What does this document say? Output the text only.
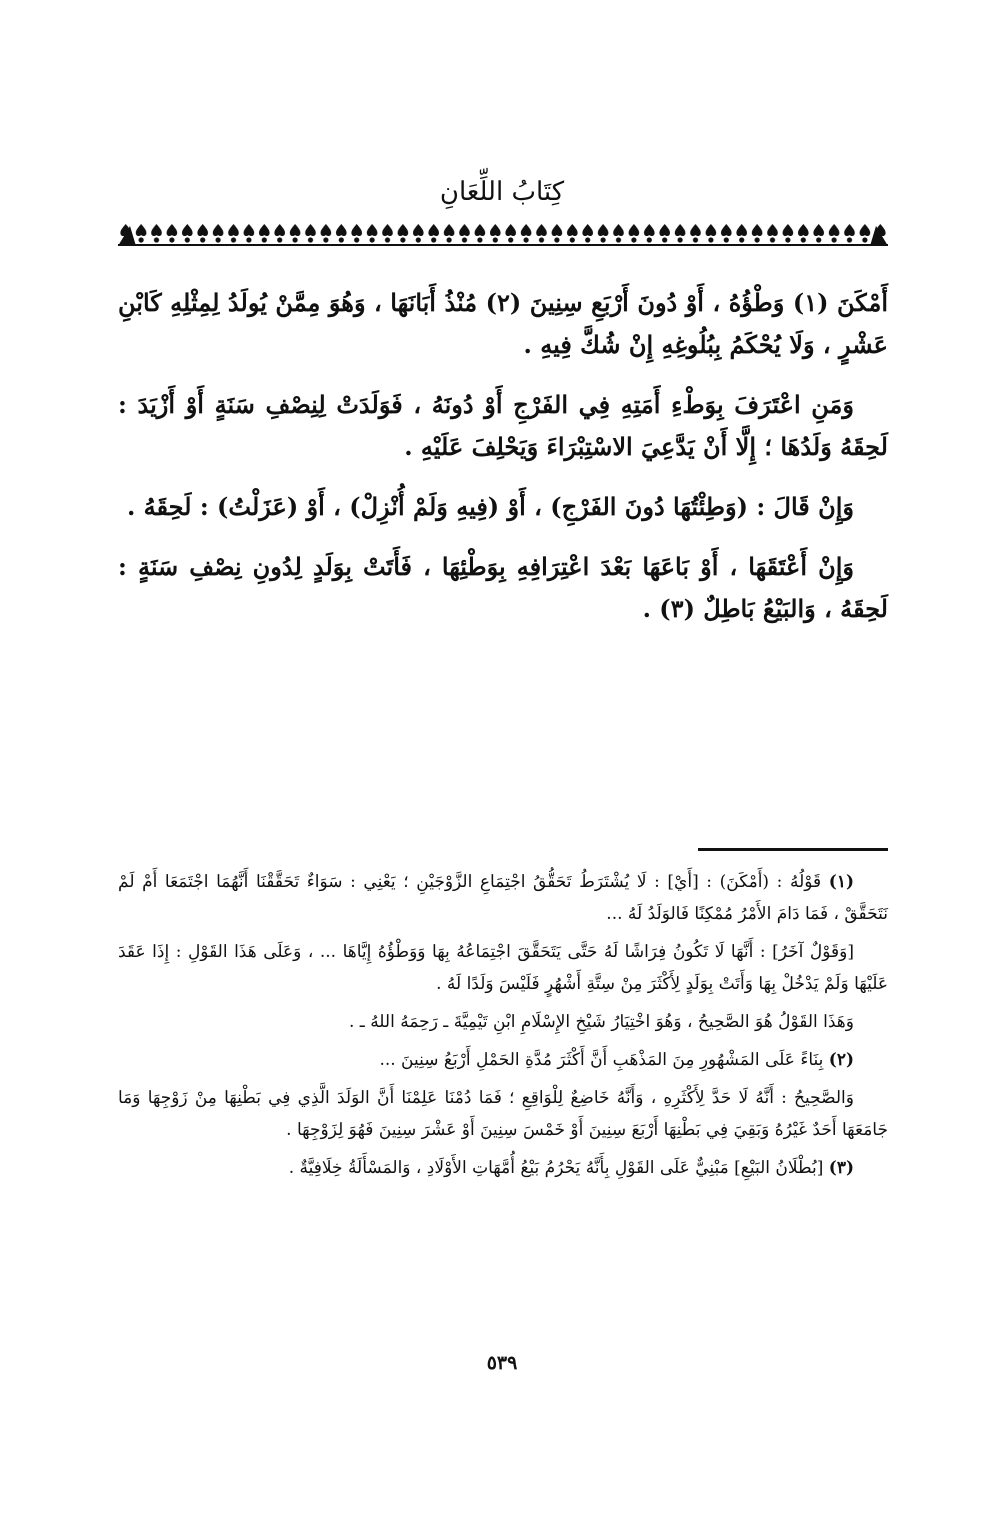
كِتَابُ اللِّعَانِ

أَمْكَنَ (١) وَطْؤُهُ ، أَوْ دُونَ أَرْبَعِ سِنِينَ (٢) مُنْذُ أَبَانَهَا ، وَهُوَ مِمَّنْ يُولَدُ لِمِثْلِهِ كَابْنِ عَشْرٍ ، وَلَا يُحْكَمُ بِبُلُوغِهِ إِنْ شُكَّ فِيهِ .

وَمَنِ اعْتَرَفَ بِوَطْءِ أَمَتِهِ فِي الفَرْجِ أَوْ دُونَهُ ، فَوَلَدَتْ لِنِصْفِ سَنَةٍ أَوْ أَزْيَدَ : لَحِقَهُ وَلَدُهَا ؛ إِلَّا أَنْ يَدَّعِيَ الاسْتِبْرَاءَ وَيَحْلِفَ عَلَيْهِ .

وَإِنْ قَالَ : (وَطِئْتُهَا دُونَ الفَرْجِ) ، أَوْ (فِيهِ وَلَمْ أُنْزِلْ) ، أَوْ (عَزَلْتُ) : لَحِقَهُ .

وَإِنْ أَعْتَقَهَا ، أَوْ بَاعَهَا بَعْدَ اعْتِرَافِهِ بِوَطْئِهَا ، فَأَتَتْ بِوَلَدٍ لِدُونِ نِصْفِ سَنَةٍ : لَحِقَهُ ، وَالبَيْعُ بَاطِلٌ (٣) .

(١) قَوْلُهُ : (أَمْكَنَ) : [أَيْ] : لَا يُشْتَرَطُ تَحَقُّقُ اجْتِمَاعِ الزَّوْجَيْنِ ؛ يَعْنِي : سَوَاءٌ تَحَقَّقْنَا أَنَّهُمَا اجْتَمَعَا أَمْ لَمْ نَتَحَقَّقْ ، فَمَا دَامَ الأَمْرُ مُمْكِنًا فَالوَلَدُ لَهُ ...

[وَقَوْلٌ آخَرُ] : أَنَّهَا لَا تَكُونُ فِرَاشًا لَهُ حَتَّى يَتَحَقَّقَ اجْتِمَاعُهُ بِهَا وَوَطْؤُهُ إِيَّاهَا ... ، وَعَلَى هَذَا القَوْلِ : إِذَا عَقَدَ عَلَيْهَا وَلَمْ يَدْخُلْ بِهَا وَأَتَتْ بِوَلَدٍ لِأَكْثَرَ مِنْ سِتَّةِ أَشْهُرٍ فَلَيْسَ وَلَدًا لَهُ .

وَهَذَا القَوْلُ هُوَ الصَّحِيحُ ، وَهُوَ اخْتِيَارُ شَيْخِ الإِسْلَامِ ابْنِ تَيْمِيَّةَ ـ رَحِمَهُ اللهُ ـ .

(٢) بِنَاءً عَلَى المَشْهُورِ مِنَ المَذْهَبِ أَنَّ أَكْثَرَ مُدَّةِ الحَمْلِ أَرْبَعُ سِنِينَ ...

وَالصَّحِيحُ : أَنَّهُ لَا حَدَّ لِأَكْثَرِهِ ، وَأَنَّهُ خَاضِعٌ لِلْوَاقِعِ ؛ فَمَا دُمْنَا عَلِمْنَا أَنَّ الوَلَدَ الَّذِي فِي بَطْنِهَا مِنْ زَوْجِهَا وَمَا جَامَعَهَا أَحَدٌ غَيْرُهُ وَبَقِيَ فِي بَطْنِهَا أَرْبَعَ سِنِينَ أَوْ خَمْسَ سِنِينَ أَوْ عَشْرَ سِنِينَ فَهُوَ لِزَوْجِهَا .

(٣) [بُطْلَانُ البَيْعِ] مَبْنِيٌّ عَلَى القَوْلِ بِأَنَّهُ يَحْرُمُ بَيْعُ أُمَّهَاتِ الأَوْلَادِ ، وَالمَسْأَلَةُ خِلَافِيَّةٌ .

٥٣٩
